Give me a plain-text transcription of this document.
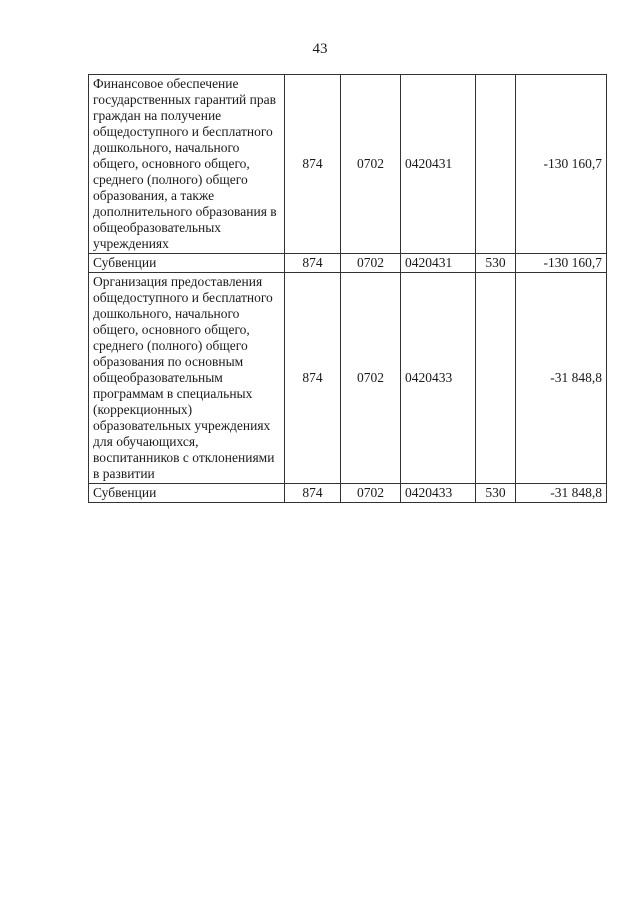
43
Финансовое обеспечение государственных гарантий прав граждан на получение общедоступного и бесплатного дошкольного, начального общего, основного общего, среднего (полного) общего образования, а также дополнительного образования в общеобразовательных учреждениях	874	0702	0420431		-130 160,7
Субвенции	874	0702	0420431	530	-130 160,7
Организация предоставления общедоступного и бесплатного дошкольного, начального общего, основного общего, среднего (полного) общего образования по основным общеобразовательным программам в специальных (коррекционных) образовательных учреждениях для обучающихся, воспитанников с отклонениями в развитии	874	0702	0420433		-31 848,8
Субвенции	874	0702	0420433	530	-31 848,8
